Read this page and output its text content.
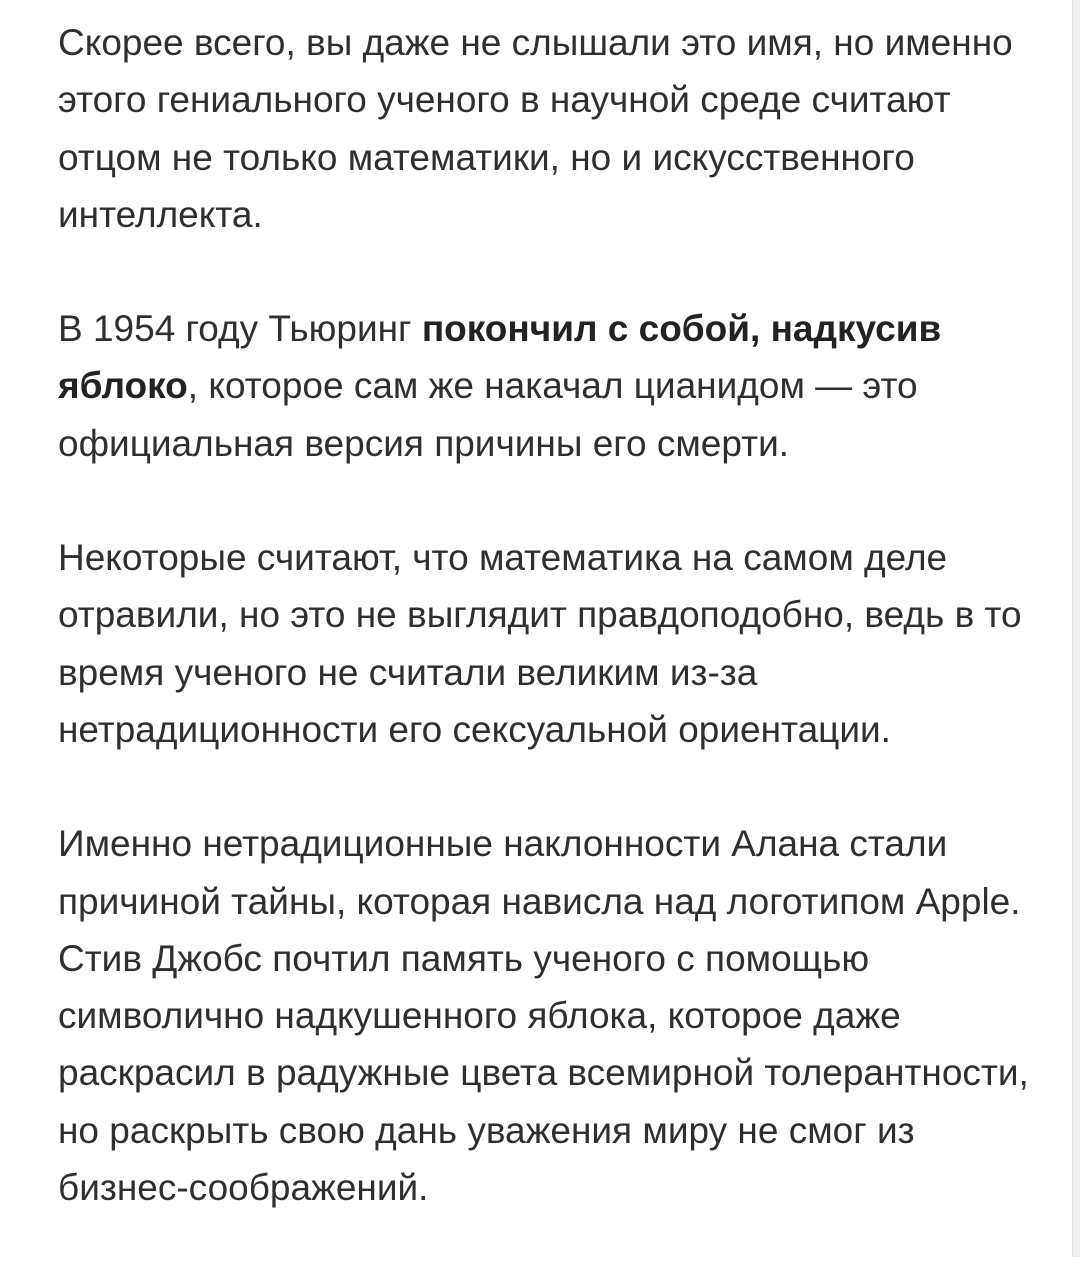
Скорее всего, вы даже не слышали это имя, но именно этого гениального ученого в научной среде считают отцом не только математики, но и искусственного интеллекта.

В 1954 году Тьюринг покончил с собой, надкусив яблоко, которое сам же накачал цианидом — это официальная версия причины его смерти.

Некоторые считают, что математика на самом деле отравили, но это не выглядит правдоподобно, ведь в то время ученого не считали великим из-за нетрадиционности его сексуальной ориентации.

Именно нетрадиционные наклонности Алана стали причиной тайны, которая нависла над логотипом Apple. Стив Джобс почтил память ученого с помощью символично надкушенного яблока, которое даже раскрасил в радужные цвета всемирной толерантности, но раскрыть свою дань уважения миру не смог из бизнес-соображений.
